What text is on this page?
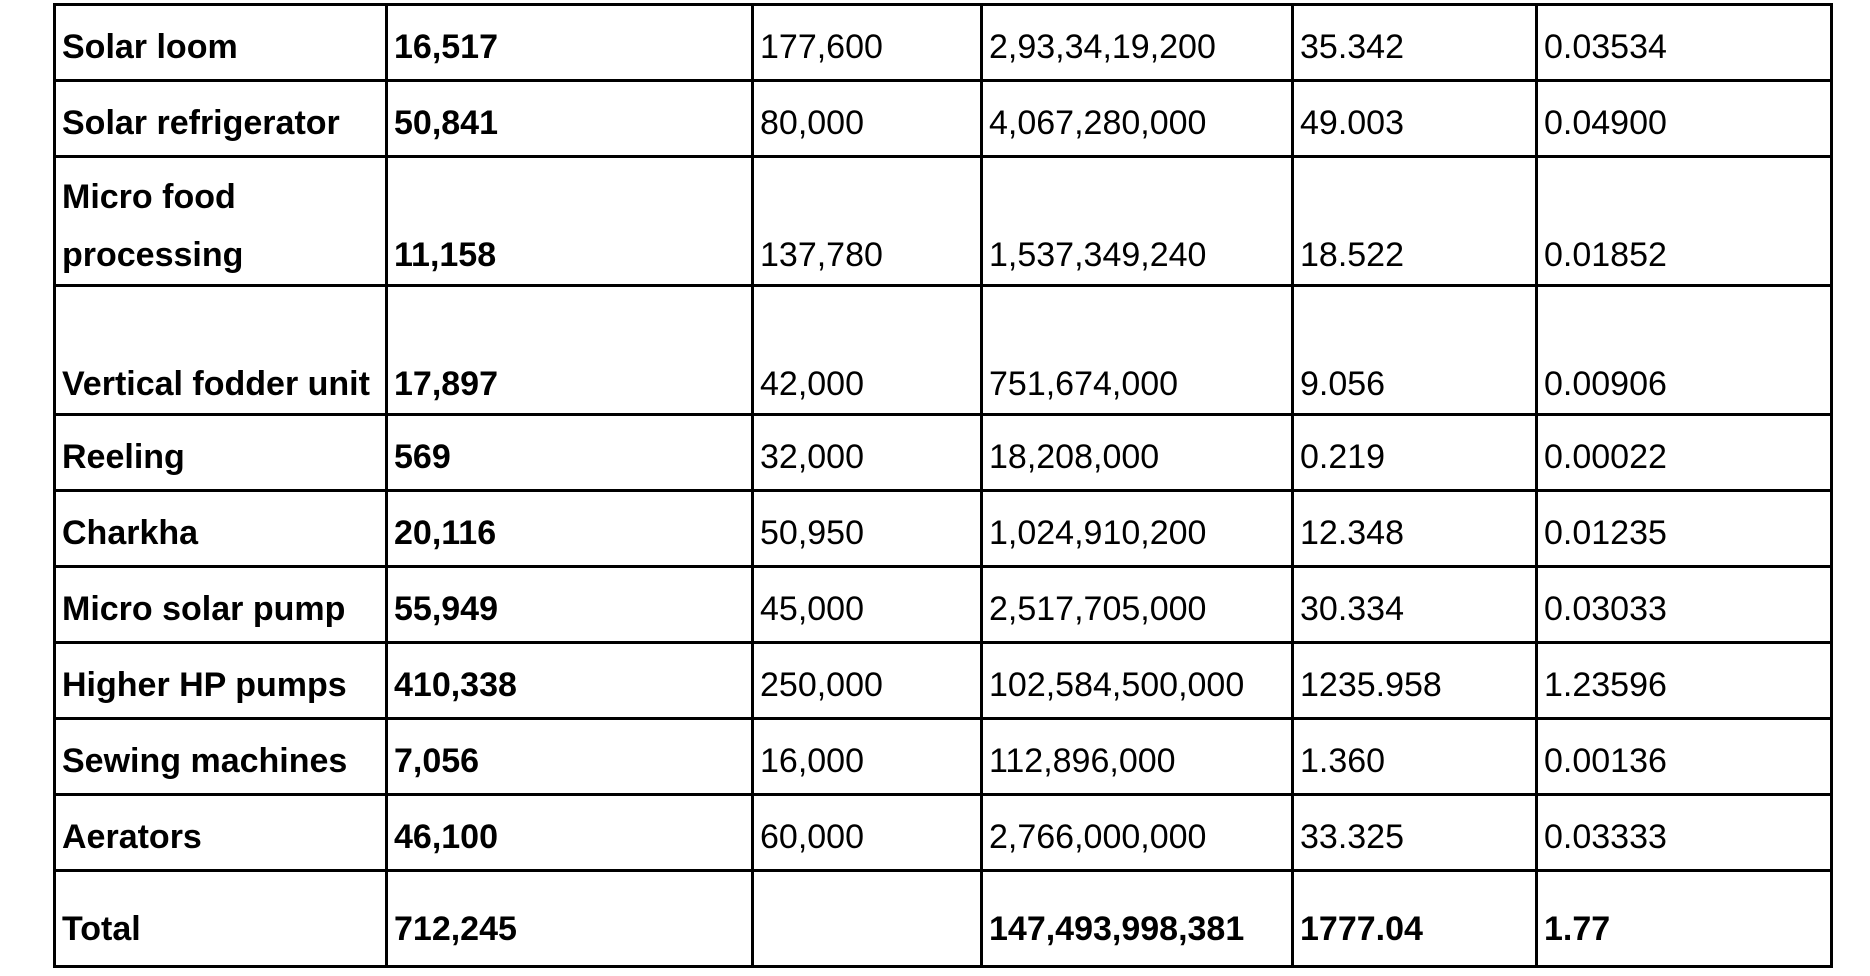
Solar loom	16,517	177,600	2,93,34,19,200	35.342	0.03534
Solar refrigerator	50,841	80,000	4,067,280,000	49.003	0.04900
Micro food processing	11,158	137,780	1,537,349,240	18.522	0.01852
Vertical fodder unit	17,897	42,000	751,674,000	9.056	0.00906
Reeling	569	32,000	18,208,000	0.219	0.00022
Charkha	20,116	50,950	1,024,910,200	12.348	0.01235
Micro solar pump	55,949	45,000	2,517,705,000	30.334	0.03033
Higher HP pumps	410,338	250,000	102,584,500,000	1235.958	1.23596
Sewing machines	7,056	16,000	112,896,000	1.360	0.00136
Aerators	46,100	60,000	2,766,000,000	33.325	0.03333
Total	712,245		147,493,998,381	1777.04	1.77
